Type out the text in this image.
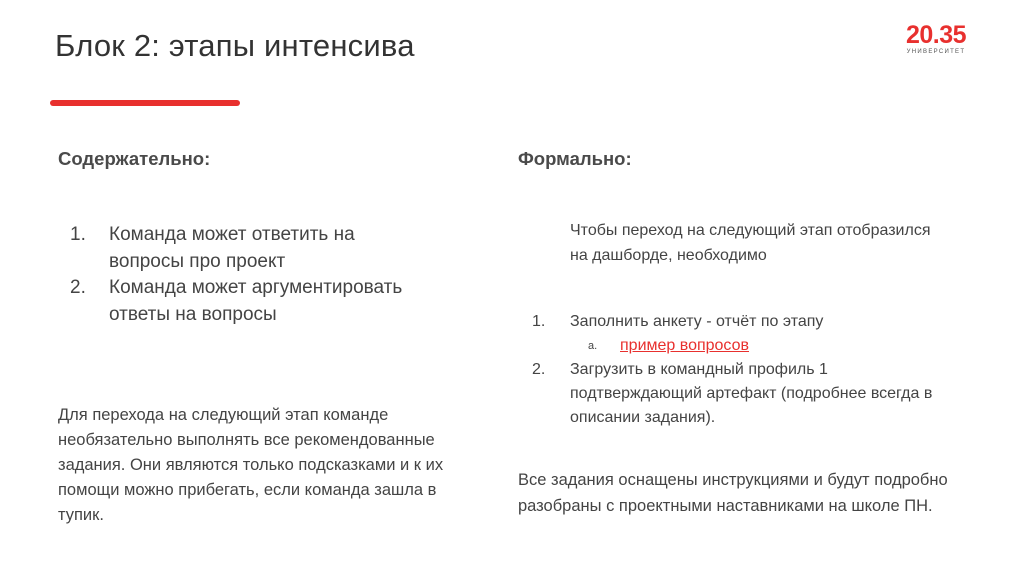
Блок 2: этапы интенсива	20.35
УНИВЕРСИТЕТ
Содержательно:
1. Команда может ответить на вопросы про проект
2. Команда может аргументировать ответы на вопросы
Для перехода на следующий этап команде необязательно выполнять все рекомендованные задания. Они являются только подсказками и к их помощи можно прибегать, если команда зашла в тупик.
Формально:
Чтобы переход на следующий этап отобразился на дашборде, необходимо
1. Заполнить анкету - отчёт по этапу
a. пример вопросов
2. Загрузить в командный профиль 1 подтверждающий артефакт (подробнее всегда в описании задания).
Все задания оснащены инструкциями и будут подробно разобраны с проектными наставниками на школе ПН.
